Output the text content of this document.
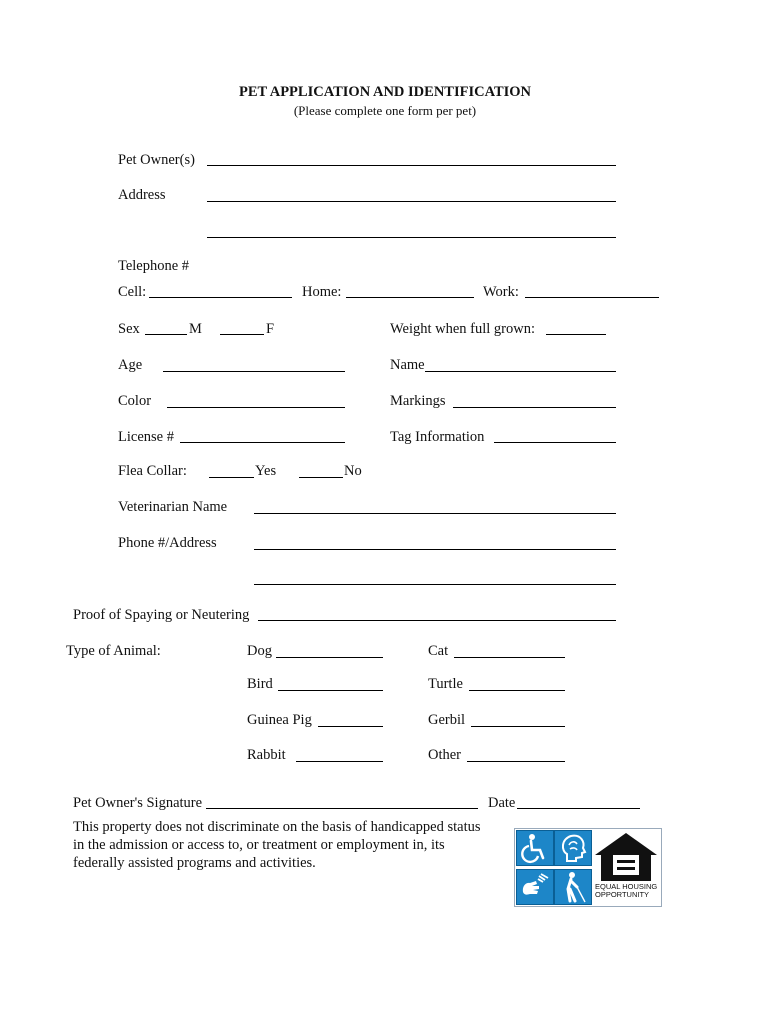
PET APPLICATION AND IDENTIFICATION
(Please complete one form per pet)
Pet Owner(s)
Address
Telephone #
Cell:	Home:	Work:
Sex	M	F	Weight when full grown:
Age	Name
Color	Markings
License #	Tag Information
Flea Collar:	Yes	No
Veterinarian Name
Phone #/Address
Proof of Spaying or Neutering
Type of Animal:	Dog	Cat
Bird	Turtle
Guinea Pig	Gerbil
Rabbit	Other
Pet Owner's Signature	Date
This property does not discriminate on the basis of handicapped status in the admission or access to, or treatment or employment in, its federally assisted programs and activities.
EQUAL HOUSING
OPPORTUNITY
